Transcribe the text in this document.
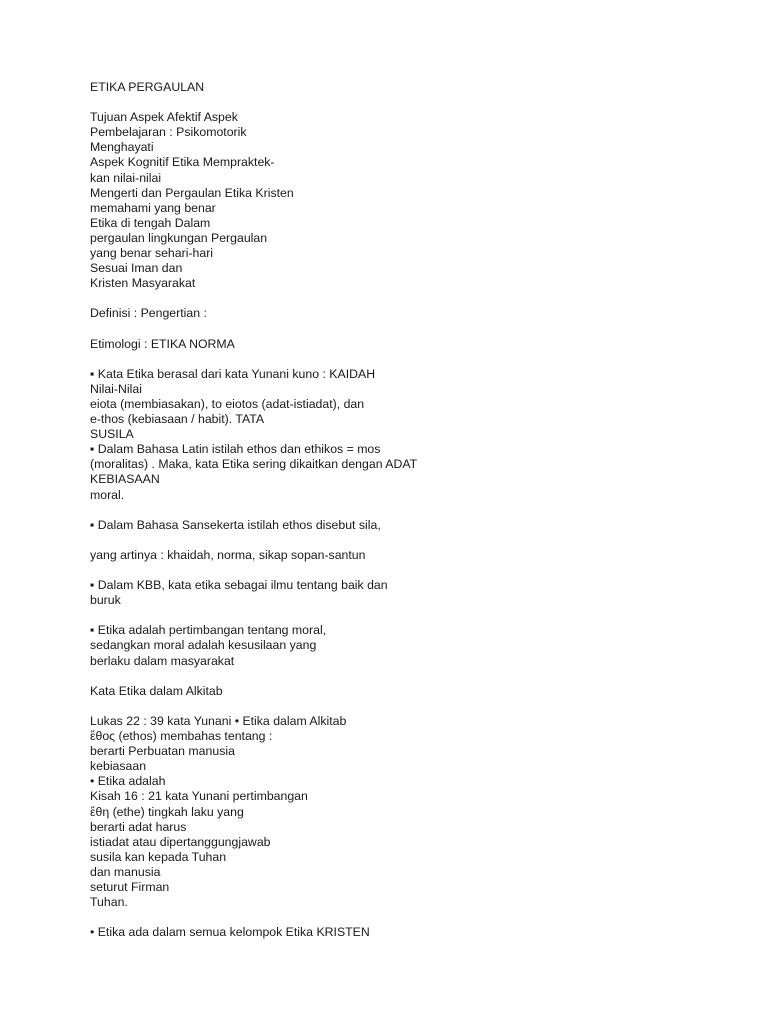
ETIKA PERGAULAN
Tujuan Aspek Afektif Aspek
Pembelajaran : Psikomotorik
Menghayati
Aspek Kognitif Etika Mempraktek-
kan nilai-nilai
Mengerti dan Pergaulan Etika Kristen
memahami yang benar
Etika di tengah Dalam
pergaulan lingkungan Pergaulan
yang benar sehari-hari
Sesuai Iman dan
Kristen Masyarakat
Definisi : Pengertian :
Etimologi : ETIKA NORMA
▪ Kata Etika berasal dari kata Yunani kuno : KAIDAH
Nilai-Nilai
eiota (membiasakan), to eiotos (adat-istiadat), dan
e-thos (kebiasaan / habit). TATA
SUSILA
▪ Dalam Bahasa Latin istilah ethos dan ethikos = mos
(moralitas) . Maka, kata Etika sering dikaitkan dengan ADAT
KEBIASAAN
moral.
▪ Dalam Bahasa Sansekerta istilah ethos disebut sila,
yang artinya : khaidah, norma, sikap sopan-santun
▪ Dalam KBB, kata etika sebagai ilmu tentang baik dan
buruk
▪ Etika adalah pertimbangan tentang moral,
sedangkan moral adalah kesusilaan yang
berlaku dalam masyarakat
Kata Etika dalam Alkitab
Lukas 22 : 39 kata Yunani • Etika dalam Alkitab
ἔθος (ethos) membahas tentang :
berarti Perbuatan manusia
kebiasaan
• Etika adalah
Kisah 16 : 21 kata Yunani pertimbangan
ἔθη (ethe) tingkah laku yang
berarti adat harus
istiadat atau dipertanggungjawab
susila kan kepada Tuhan
dan manusia
seturut Firman
Tuhan.
• Etika ada dalam semua kelompok Etika KRISTEN
